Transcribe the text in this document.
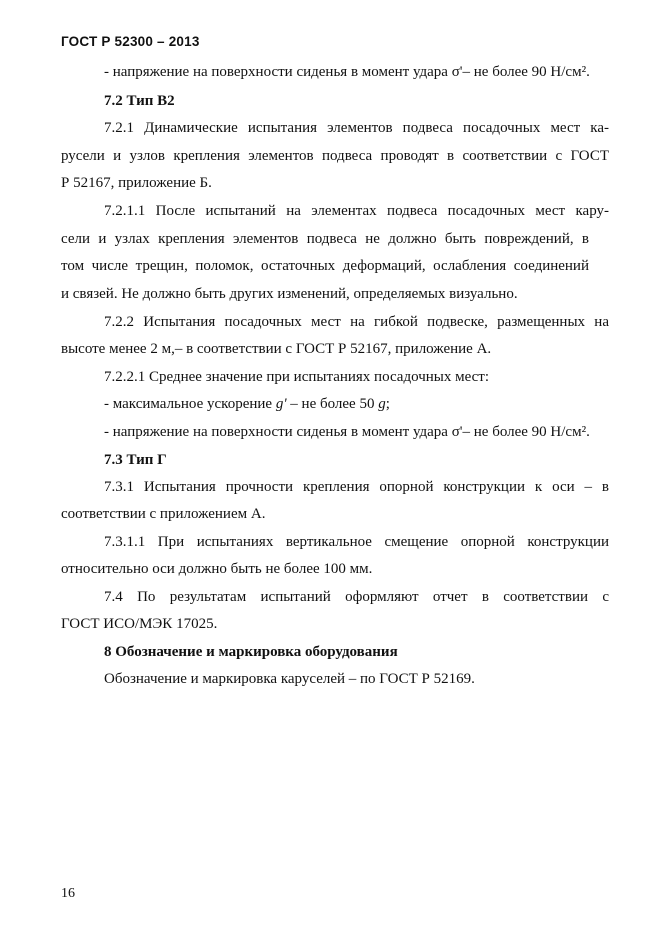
ГОСТ Р 52300 – 2013
- напряжение на поверхности сиденья в момент удара σ'– не более 90 Н/см².
7.2 Тип В2
7.2.1 Динамические испытания элементов подвеса посадочных мест ка-
русели и узлов крепления элементов подвеса проводят в соответствии с ГОСТ
Р 52167, приложение Б.
7.2.1.1 После испытаний на элементах подвеса посадочных мест кару-
сели и узлах крепления элементов подвеса не должно быть повреждений, в
том числе трещин, поломок, остаточных деформаций, ослабления соединений
и связей. Не должно быть других изменений, определяемых визуально.
7.2.2 Испытания посадочных мест на гибкой подвеске, размещенных на
высоте менее 2 м,– в соответствии с ГОСТ Р 52167, приложение А.
7.2.2.1 Среднее значение при испытаниях посадочных мест:
- максимальное ускорение g' – не более 50 g;
- напряжение на поверхности сиденья в момент удара σ'– не более 90 Н/см².
7.3 Тип Г
7.3.1 Испытания прочности крепления опорной конструкции к оси – в
соответствии с приложением А.
7.3.1.1 При испытаниях вертикальное смещение опорной конструкции
относительно оси должно быть не более 100 мм.
7.4 По результатам испытаний оформляют отчет в соответствии с
ГОСТ ИСО/МЭК 17025.
8 Обозначение и маркировка оборудования
Обозначение и маркировка каруселей – по ГОСТ Р 52169.
16
